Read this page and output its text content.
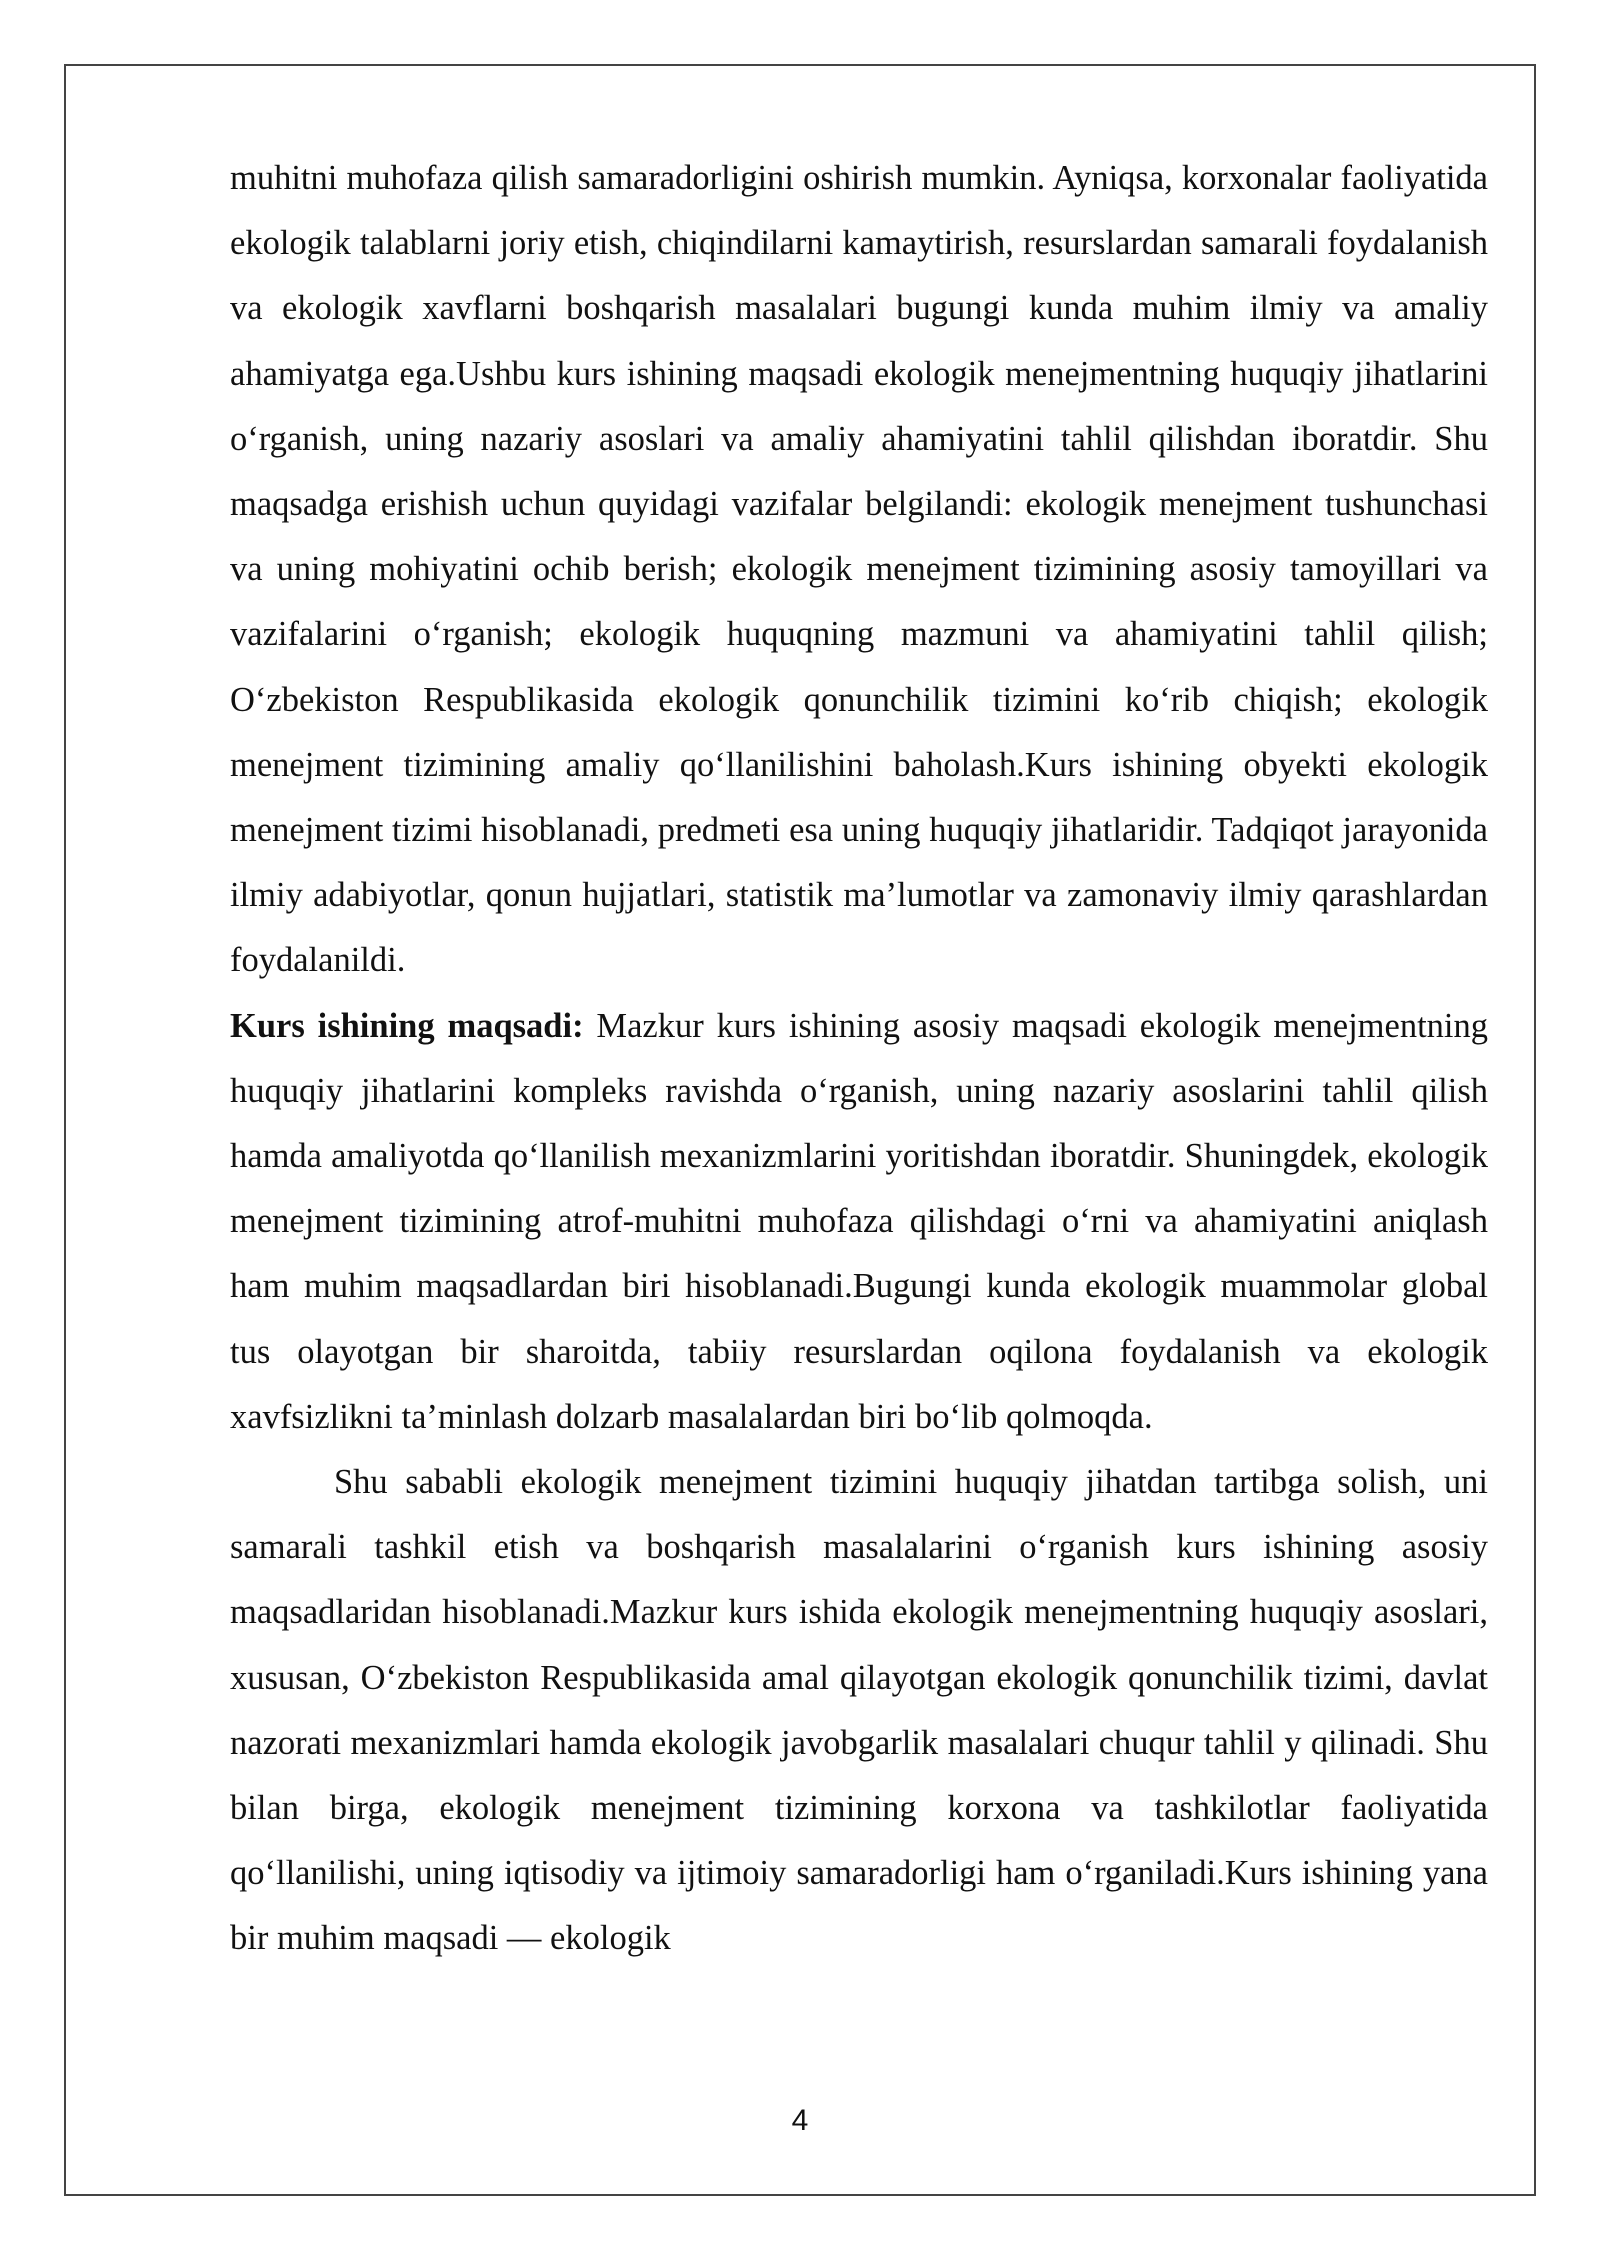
muhitni muhofaza qilish samaradorligini oshirish mumkin. Ayniqsa, korxonalar faoliyatida ekologik talablarni joriy etish, chiqindilarni kamaytirish, resurslardan samarali foydalanish va ekologik xavflarni boshqarish masalalari bugungi kunda muhim ilmiy va amaliy ahamiyatga ega.Ushbu kurs ishining maqsadi ekologik menejmentning huquqiy jihatlarini o‘rganish, uning nazariy asoslari va amaliy ahamiyatini tahlil qilishdan iboratdir. Shu maqsadga erishish uchun quyidagi vazifalar belgilandi: ekologik menejment tushunchasi va uning mohiyatini ochib berish; ekologik menejment tizimining asosiy tamoyillari va vazifalarini o‘rganish; ekologik huquqning mazmuni va ahamiyatini tahlil qilish; O‘zbekiston Respublikasida ekologik qonunchilik tizimini ko‘rib chiqish; ekologik menejment tizimining amaliy qo‘llanilishini baholash.Kurs ishining obyekti ekologik menejment tizimi hisoblanadi, predmeti esa uning huquqiy jihatlaridir. Tadqiqot jarayonida ilmiy adabiyotlar, qonun hujjatlari, statistik ma’lumotlar va zamonaviy ilmiy qarashlardan foydalanildi.

Kurs ishining maqsadi: Mazkur kurs ishining asosiy maqsadi ekologik menejmentning huquqiy jihatlarini kompleks ravishda o‘rganish, uning nazariy asoslarini tahlil qilish hamda amaliyotda qo‘llanilish mexanizmlarini yoritishdan iboratdir. Shuningdek, ekologik menejment tizimining atrof-muhitni muhofaza qilishdagi o‘rni va ahamiyatini aniqlash ham muhim maqsadlardan biri hisoblanadi.Bugungi kunda ekologik muammolar global tus olayotgan bir sharoitda, tabiiy resurslardan oqilona foydalanish va ekologik xavfsizlikni ta’minlash dolzarb masalalardan biri bo‘lib qolmoqda.

Shu sababli ekologik menejment tizimini huquqiy jihatdan tartibga solish, uni samarali tashkil etish va boshqarish masalalarini o‘rganish kurs ishining asosiy maqsadlaridan hisoblanadi.Mazkur kurs ishida ekologik menejmentning huquqiy asoslari, xususan, O‘zbekiston Respublikasida amal qilayotgan ekologik qonunchilik tizimi, davlat nazorati mexanizmlari hamda ekologik javobgarlik masalalari chuqur tahlil y qilinadi. Shu bilan birga, ekologik menejment tizimining korxona va tashkilotlar faoliyatida qo‘llanilishi, uning iqtisodiy va ijtimoiy samaradorligi ham o‘rganiladi.Kurs ishining yana bir muhim maqsadi — ekologik

4
